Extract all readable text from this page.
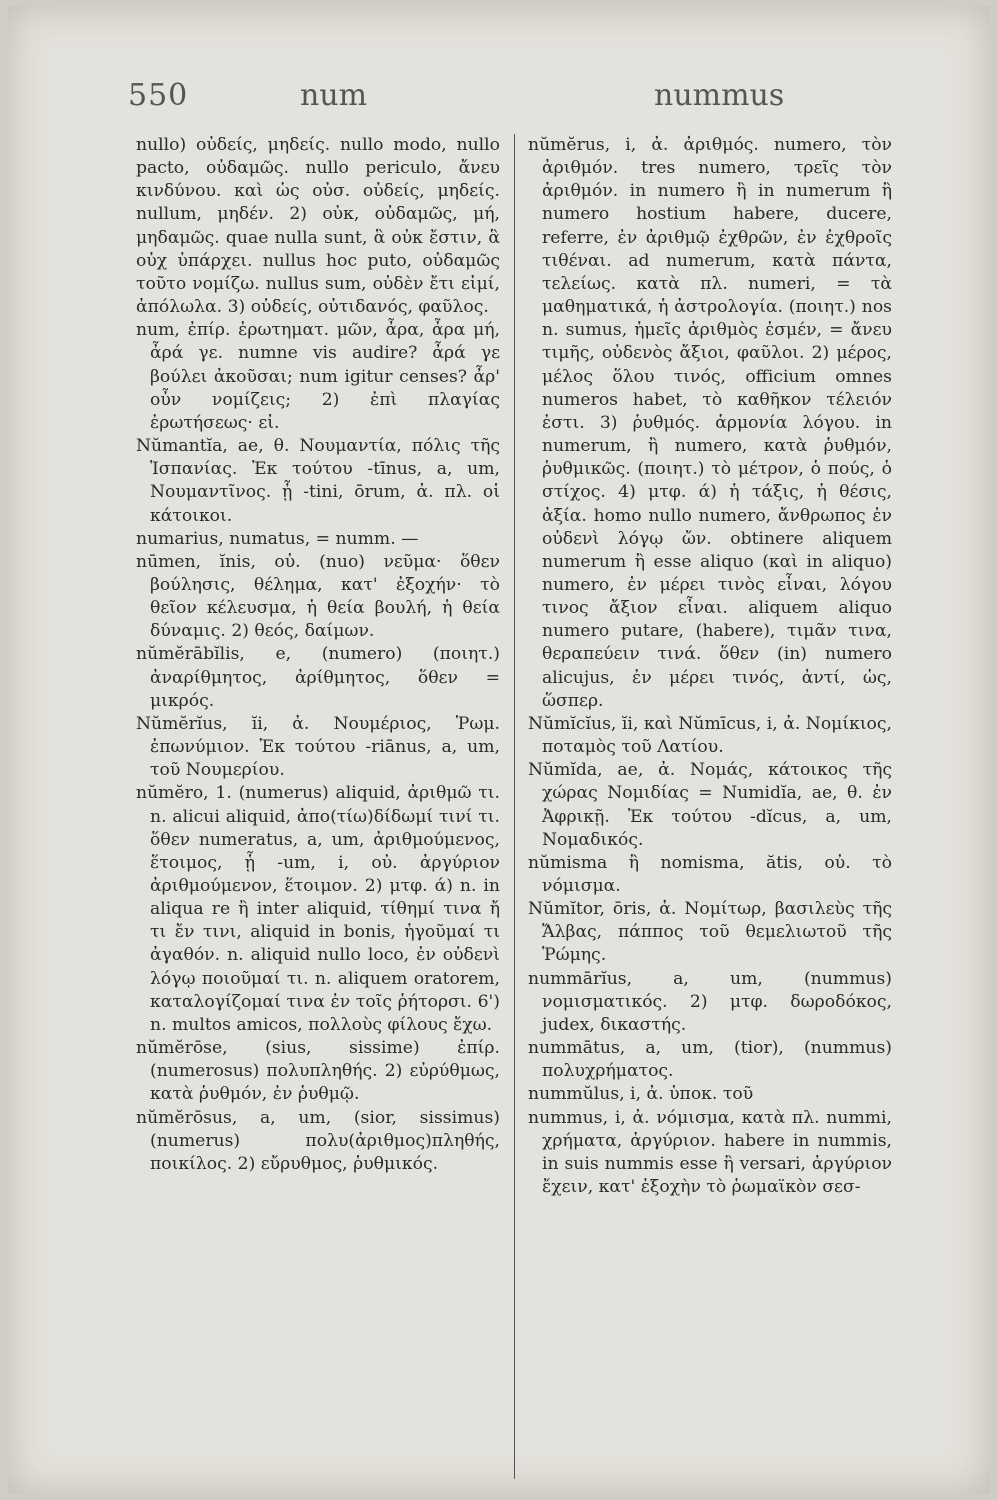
550	num	nummus

nullo) οὐδείς, μηδείς. nullo modo, nullo pacto, οὐδαμῶς. nullo periculo, ἄνευ κινδύνου. καὶ ὡς οὐσ. οὐδείς, μηδείς. nullum, μηδέν. 2) οὐκ, οὐδαμῶς, μή, μηδαμῶς. quae nulla sunt, ἃ οὐκ ἔστιν, ἃ οὐχ ὑπάρχει. nullus hoc puto, οὐδαμῶς τοῦτο νομίζω. nullus sum, οὐδὲν ἔτι εἰμί, ἀπόλωλα. 3) οὐδείς, οὐτιδανός, φαῦλος.

num, ἐπίρ. ἐρωτηματ. μῶν, ἆρα, ἆρα μή, ἆρά γε. numne vis audire? ἆρά γε βούλει ἀκοῦσαι; num igitur censes? ἆρ' οὖν νομίζεις; 2) ἐπὶ πλαγίας ἐρωτήσεως· εἰ.

Nŭmantĭa, ae, θ. Νουμαντία, πόλις τῆς Ἱσπανίας. Ἐκ τούτου -tīnus, a, um, Νουμαντῖνος. ᾗ -tini, ōrum, ἀ. πλ. οἱ κάτοικοι.

numarius, numatus, = numm. —

nūmen, ĭnis, οὐ. (nuo) νεῦμα· ὅθεν βούλησις, θέλημα, κατ' ἐξοχήν· τὸ θεῖον κέλευσμα, ἡ θεία βουλή, ἡ θεία δύναμις. 2) θεός, δαίμων.

nŭmĕrābĭlis, e, (numero) (ποιητ.) ἀναρίθμητος, ἀρίθμητος, ὅθεν = μικρός.

Nŭmĕrĭus, ĭi, ἀ. Νουμέριος, Ῥωμ. ἐπωνύμιον. Ἐκ τούτου -riānus, a, um, τοῦ Νουμερίου.

nŭmĕro, 1. (numerus) aliquid, ἀριθμῶ τι. n. alicui aliquid, ἀπο(τίω)δίδωμί τινί τι. ὅθεν numeratus, a, um, ἀριθμούμενος, ἕτοιμος, ᾗ -um, i, οὐ. ἀργύριον ἀριθμούμενον, ἕτοιμον. 2) μτφ. ά) n. in aliqua re ἢ inter aliquid, τίθημί τινα ἤ τι ἔν τινι, aliquid in bonis, ἡγοῦμαί τι ἀγαθόν. n. aliquid nullo loco, ἐν οὐδενὶ λόγῳ ποιοῦμαί τι. n. aliquem oratorem, καταλογίζομαί τινα ἐν τοῖς ῥήτορσι. 6') n. multos amicos, πολλοὺς φίλους ἔχω.

nŭmĕrōse, (sius, sissime) ἐπίρ. (numerosus) πολυπληθής. 2) εὐρύθμως, κατὰ ῥυθμόν, ἐν ῥυθμῷ.

nŭmĕrōsus, a, um, (sior, sissimus) (numerus) πολυ(ἀριθμος)πληθής, ποικίλος. 2) εὔρυθμος, ῥυθμικός.

nŭmĕrus, i, ἀ. ἀριθμός. numero, τὸν ἀριθμόν. tres numero, τρεῖς τὸν ἀριθμόν. in numero ἢ in numerum ἢ numero hostium habere, ducere, referre, ἐν ἀριθμῷ ἐχθρῶν, ἐν ἐχθροῖς τιθέναι. ad numerum, κατὰ πάντα, τελείως. κατὰ πλ. numeri, = τὰ μαθηματικά, ἡ ἀστρολογία. (ποιητ.) nos n. sumus, ἡμεῖς ἀριθμὸς ἐσμέν, = ἄνευ τιμῆς, οὐδενὸς ἄξιοι, φαῦλοι. 2) μέρος, μέλος ὅλου τινός, officium omnes numeros habet, τὸ καθῆκον τέλειόν ἐστι. 3) ῥυθμός. ἁρμονία λόγου. in numerum, ἢ numero, κατὰ ῥυθμόν, ῥυθμικῶς. (ποιητ.) τὸ μέτρον, ὁ πούς, ὁ στίχος. 4) μτφ. ά) ἡ τάξις, ἡ θέσις, ἀξία. homo nullo numero, ἄνθρωπος ἐν οὐδενὶ λόγῳ ὤν. obtinere aliquem numerum ἢ esse aliquo (καὶ in aliquo) numero, ἐν μέρει τινὸς εἶναι, λόγου τινος ἄξιον εἶναι. aliquem aliquo numero putare, (habere), τιμᾶν τινα, θεραπεύειν τινά. ὅθεν (in) numero alicujus, ἐν μέρει τινός, ἀντί, ὡς, ὥσπερ.

Nŭmĭcĭus, ĭi, καὶ Nŭmīcus, i, ἀ. Νομίκιος, ποταμὸς τοῦ Λατίου.

Nŭmĭda, ae, ἀ. Νομάς, κάτοικος τῆς χώρας Νομιδίας = Numidĭa, ae, θ. ἐν Ἀφρικῇ. Ἐκ τούτου -dĭcus, a, um, Νομαδικός.

nŭmisma ἢ nomisma, ătis, οὐ. τὸ νόμισμα.

Nŭmĭtor, ōris, ἀ. Νομίτωρ, βασιλεὺς τῆς Ἄλβας, πάππος τοῦ θεμελιωτοῦ τῆς Ῥώμης.

nummārĭus, a, um, (nummus) νομισματικός. 2) μτφ. δωροδόκος, judex, δικαστής.

nummātus, a, um, (tior), (nummus) πολυχρήματος.

nummŭlus, i, ἀ. ὑποκ. τοῦ

nummus, i, ἀ. νόμισμα, κατὰ πλ. nummi, χρήματα, ἀργύριον. habere in nummis, in suis nummis esse ἢ versari, ἀργύριον ἔχειν, κατ' ἐξοχὴν τὸ ῥωμαϊκὸν σεσ-
